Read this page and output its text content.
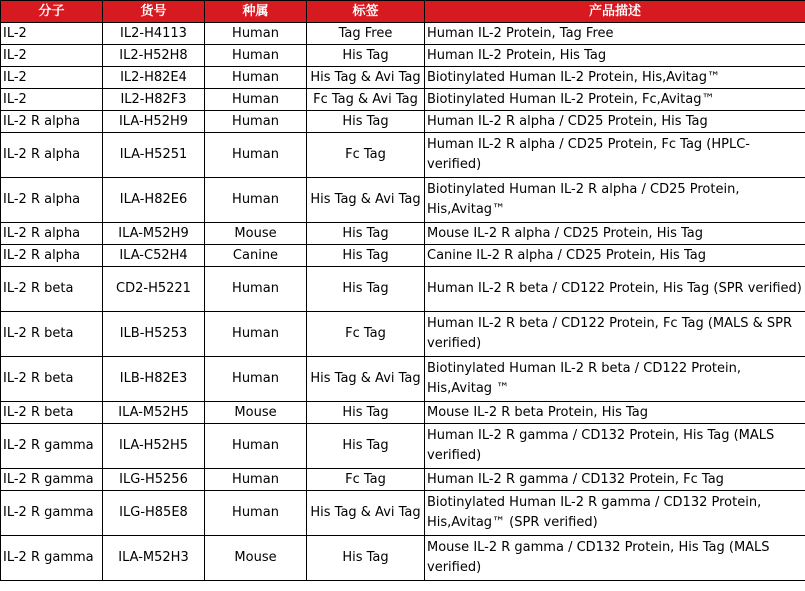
分子	货号	种属	标签	产品描述
IL-2	IL2-H4113	Human	Tag Free	Human IL-2 Protein, Tag Free
IL-2	IL2-H52H8	Human	His Tag	Human IL-2 Protein, His Tag
IL-2	IL2-H82E4	Human	His Tag & Avi Tag	Biotinylated Human IL-2 Protein, His,Avitag™
IL-2	IL2-H82F3	Human	Fc Tag & Avi Tag	Biotinylated Human IL-2 Protein, Fc,Avitag™
IL-2 R alpha	ILA-H52H9	Human	His Tag	Human IL-2 R alpha / CD25 Protein, His Tag
IL-2 R alpha	ILA-H5251	Human	Fc Tag	Human IL-2 R alpha / CD25 Protein, Fc Tag (HPLC-verified)
IL-2 R alpha	ILA-H82E6	Human	His Tag & Avi Tag	Biotinylated Human IL-2 R alpha / CD25 Protein, His,Avitag™
IL-2 R alpha	ILA-M52H9	Mouse	His Tag	Mouse IL-2 R alpha / CD25 Protein, His Tag
IL-2 R alpha	ILA-C52H4	Canine	His Tag	Canine IL-2 R alpha / CD25 Protein, His Tag
IL-2 R beta	CD2-H5221	Human	His Tag	Human IL-2 R beta / CD122 Protein, His Tag (SPR verified)
IL-2 R beta	ILB-H5253	Human	Fc Tag	Human IL-2 R beta / CD122 Protein, Fc Tag (MALS & SPR verified)
IL-2 R beta	ILB-H82E3	Human	His Tag & Avi Tag	Biotinylated Human IL-2 R beta / CD122 Protein, His,Avitag ™
IL-2 R beta	ILA-M52H5	Mouse	His Tag	Mouse IL-2 R beta Protein, His Tag
IL-2 R gamma	ILA-H52H5	Human	His Tag	Human IL-2 R gamma / CD132 Protein, His Tag (MALS verified)
IL-2 R gamma	ILG-H5256	Human	Fc Tag	Human IL-2 R gamma / CD132 Protein, Fc Tag
IL-2 R gamma	ILG-H85E8	Human	His Tag & Avi Tag	Biotinylated Human IL-2 R gamma / CD132 Protein, His,Avitag™ (SPR verified)
IL-2 R gamma	ILA-M52H3	Mouse	His Tag	Mouse IL-2 R gamma / CD132 Protein, His Tag (MALS verified)
